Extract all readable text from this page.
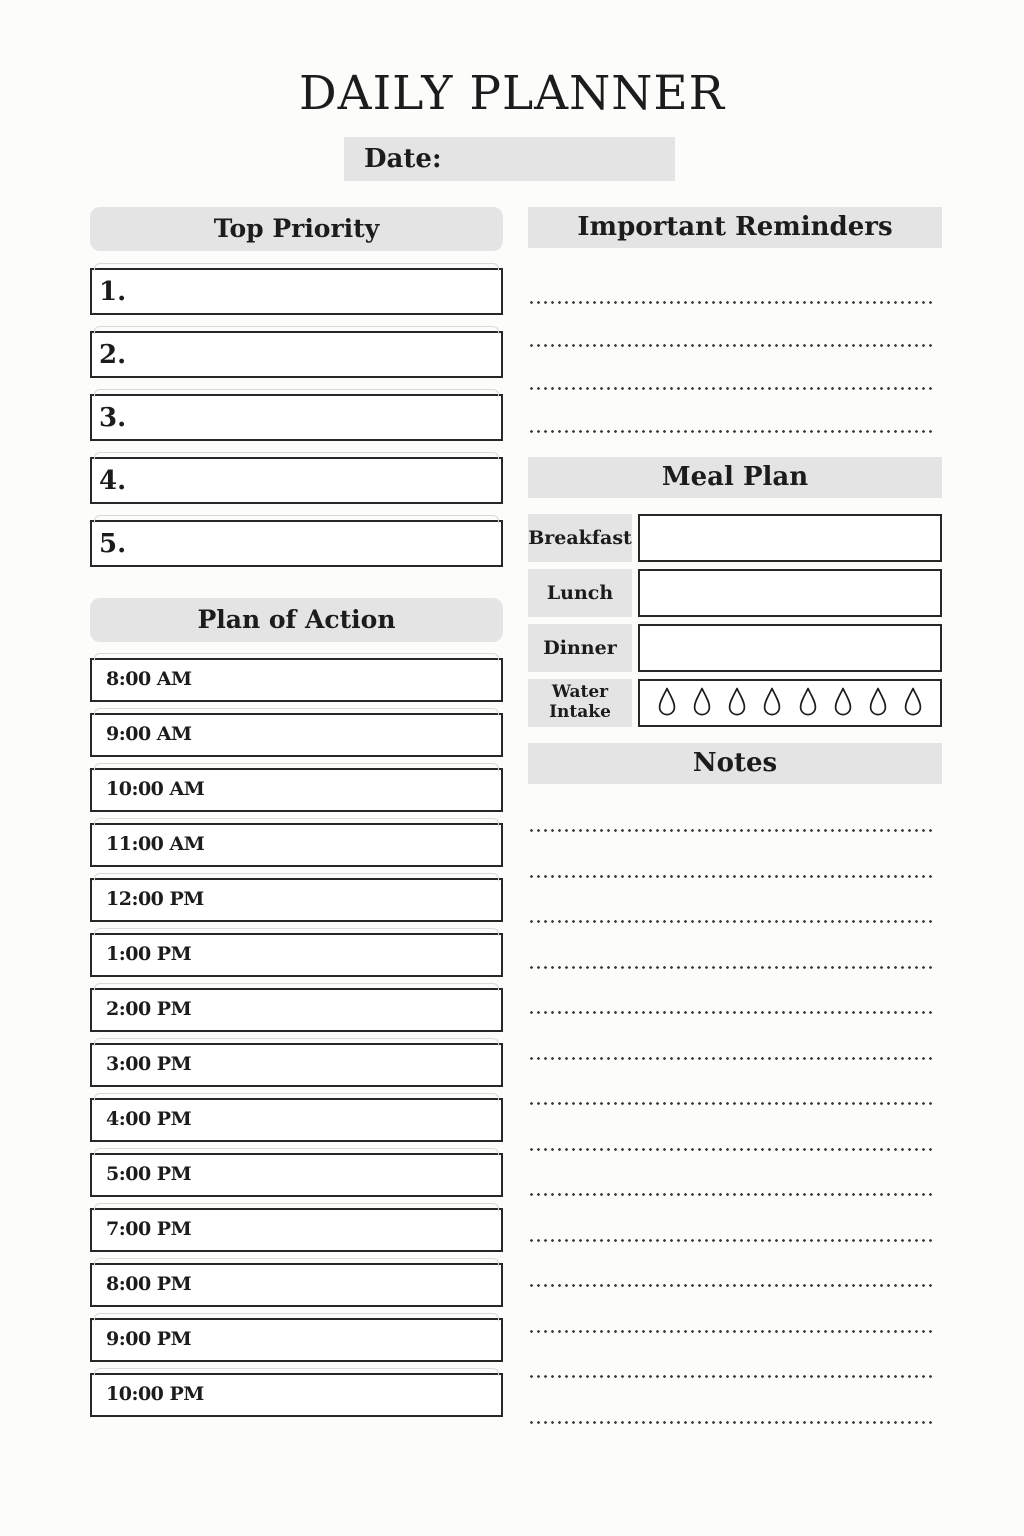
DAILY PLANNER
Date:
Top Priority
1.
2.
3.
4.
5.
Plan of Action
8:00 AM
9:00 AM
10:00 AM
11:00 AM
12:00 PM
1:00 PM
2:00 PM
3:00 PM
4:00 PM
5:00 PM
7:00 PM
8:00 PM
9:00 PM
10:00 PM
Important Reminders
Meal Plan
Breakfast
Lunch
Dinner
Water
Intake
Notes
